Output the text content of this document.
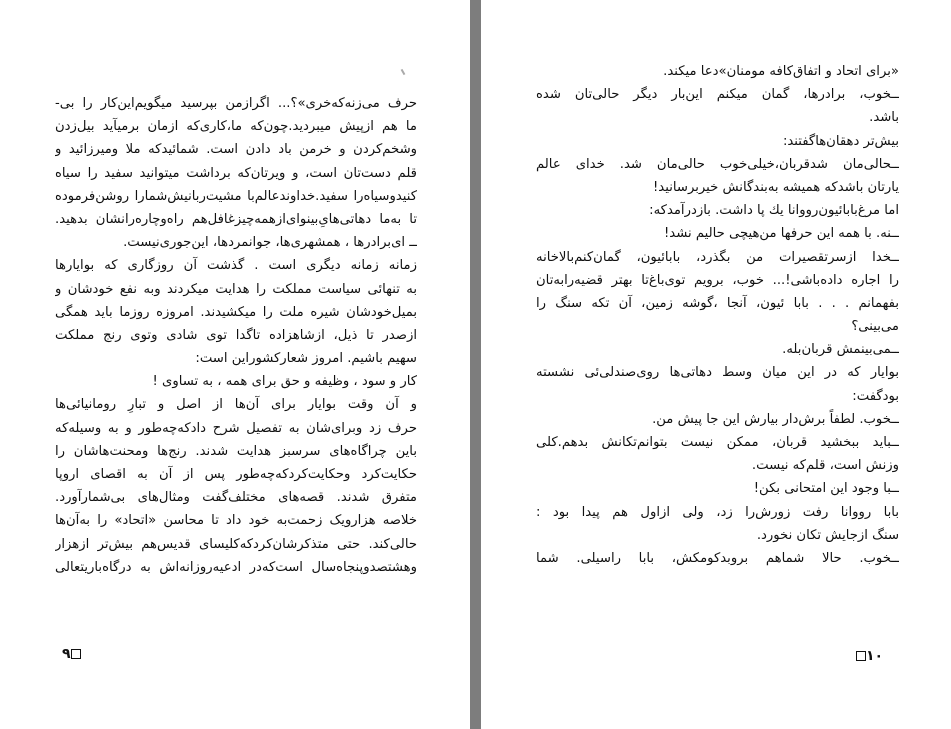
حرف می‌زنه‌که‌خری»؟... اگرازمن بپرسید میگویم‌این‌کار را بی-
ما هم ازپیش میبردید.چون‌که ما،کاری‌که ازمان برمیآید بیل‌زدن
وشخم‌کردن و خرمن باد دادن است. شمائیدکه ملا ومیرزائید و
قلم دست‌تان است، و ویرتان‌که برداشت میتوانید سفید را سیاه
کنیدوسیاه‌را سفید.خداوندعالم‌با مشیت‌ربانیش‌شمارا روشن‌فرموده
تا به‌ما دهاتی‌هایِ‌بینوای‌ازهمه‌چیزغافل‌هم راه‌وچاره‌رانشان بدهید.
ــ ای‌برادرها ، همشهری‌ها، جوانمردها، این‌جوری‌نیست.
زمانه زمانه دیگری است . گذشت آن روزگاری که بوایارها
به تنهائی سیاست مملکت را هدایت میکردند وبه نفع خودشان و
بمیل‌خودشان شیره ملت را میکشیدند. امروزه روزما باید همگی
ازصدر تا ذیل، ازشاهزاده تاگدا توی شادی وتوی رنج مملکت
سهیم باشیم. امروز شعارکشوراین است:
کار و سود ، وظیفه و حق برای همه ، به تساوی !
و آن وقت بوایار برای آن‌ها از اصل و تبارِ رومانیائی‌ها
حرف زد وبرای‌شان به تفصیل شرح دادکه‌چه‌طور و به وسیله‌که
باین چراگاه‌های سرسبز هدایت شدند. رنج‌ها ومحنت‌هاشان را
حکایت‌کرد وحکایت‌کردکه‌چه‌طور پس از آن به اقصای اروپا
متفرق شدند. قصه‌های مختلف‌گفت ومثال‌های بی‌شمارآورد.
خلاصه هزارویک زحمت‌به خود داد تا محاسن «اتحاد» را به‌آن‌ها
حالی‌کند. حتی متذکرشان‌کردکه‌کلیسای قدیس‌هم بیش‌تر ازهزار
وهشتصدوپنجاه‌سال است‌که‌در ادعیه‌روزانه‌اش به درگاه‌باریتعالی
۹
«برای اتحاد و اتفاق‌کافه مومنان»دعا میکند.
ــخوب، برادرها، گمان میکنم این‌بار دیگر حالی‌تان شده
باشد.
بیش‌تر دهقان‌هاگفتند:
ــحالی‌مان شدقربان،خیلی‌خوب حالی‌مان شد. خدای عالم
یارتان باشدکه همیشه به‌بندگانش خیربرسانید!
اما مرغ‌بابائیون‌رووانا یك پا داشت. بازدرآمدكه:
ــنه. با همه این حرفها من‌هیچی حالیم نشد!
ــخدا ازسرتقصیرات من بگذرد، بابائیون، گمان‌کنم‌بالاخانه
را اجاره داده‌باشی!... خوب، برویم توی‌باغ‌تا بهتر قضیه‌رابه‌تان
بفهمانم . . . بابا ئیون، آنجا ،گوشه زمین، آن تکه سنگ را
می‌بینی؟
ــمی‌بینمش قربان‌بله.
بوایار که در این میان وسط دهاتی‌ها روی‌صندلی‌ئی نشسته
بودگفت:
ــخوب. لطفاً برش‌دار بیارش این جا پیش من.
ــباید ببخشید قربان، ممکن نیست بتوانم‌تکانش بدهم.کلی
وزنش است، قلم‌که نیست.
ــبا وجود این امتحانی بکن!
بابا رووانا رفت زورش‌را زد، ولی ازاول هم پیدا بود :
سنگ ازجایش تکان نخورد.
ــخوب. حالا شماهم بروبدکومکش، بابا راسیلی. شما
۱۰
